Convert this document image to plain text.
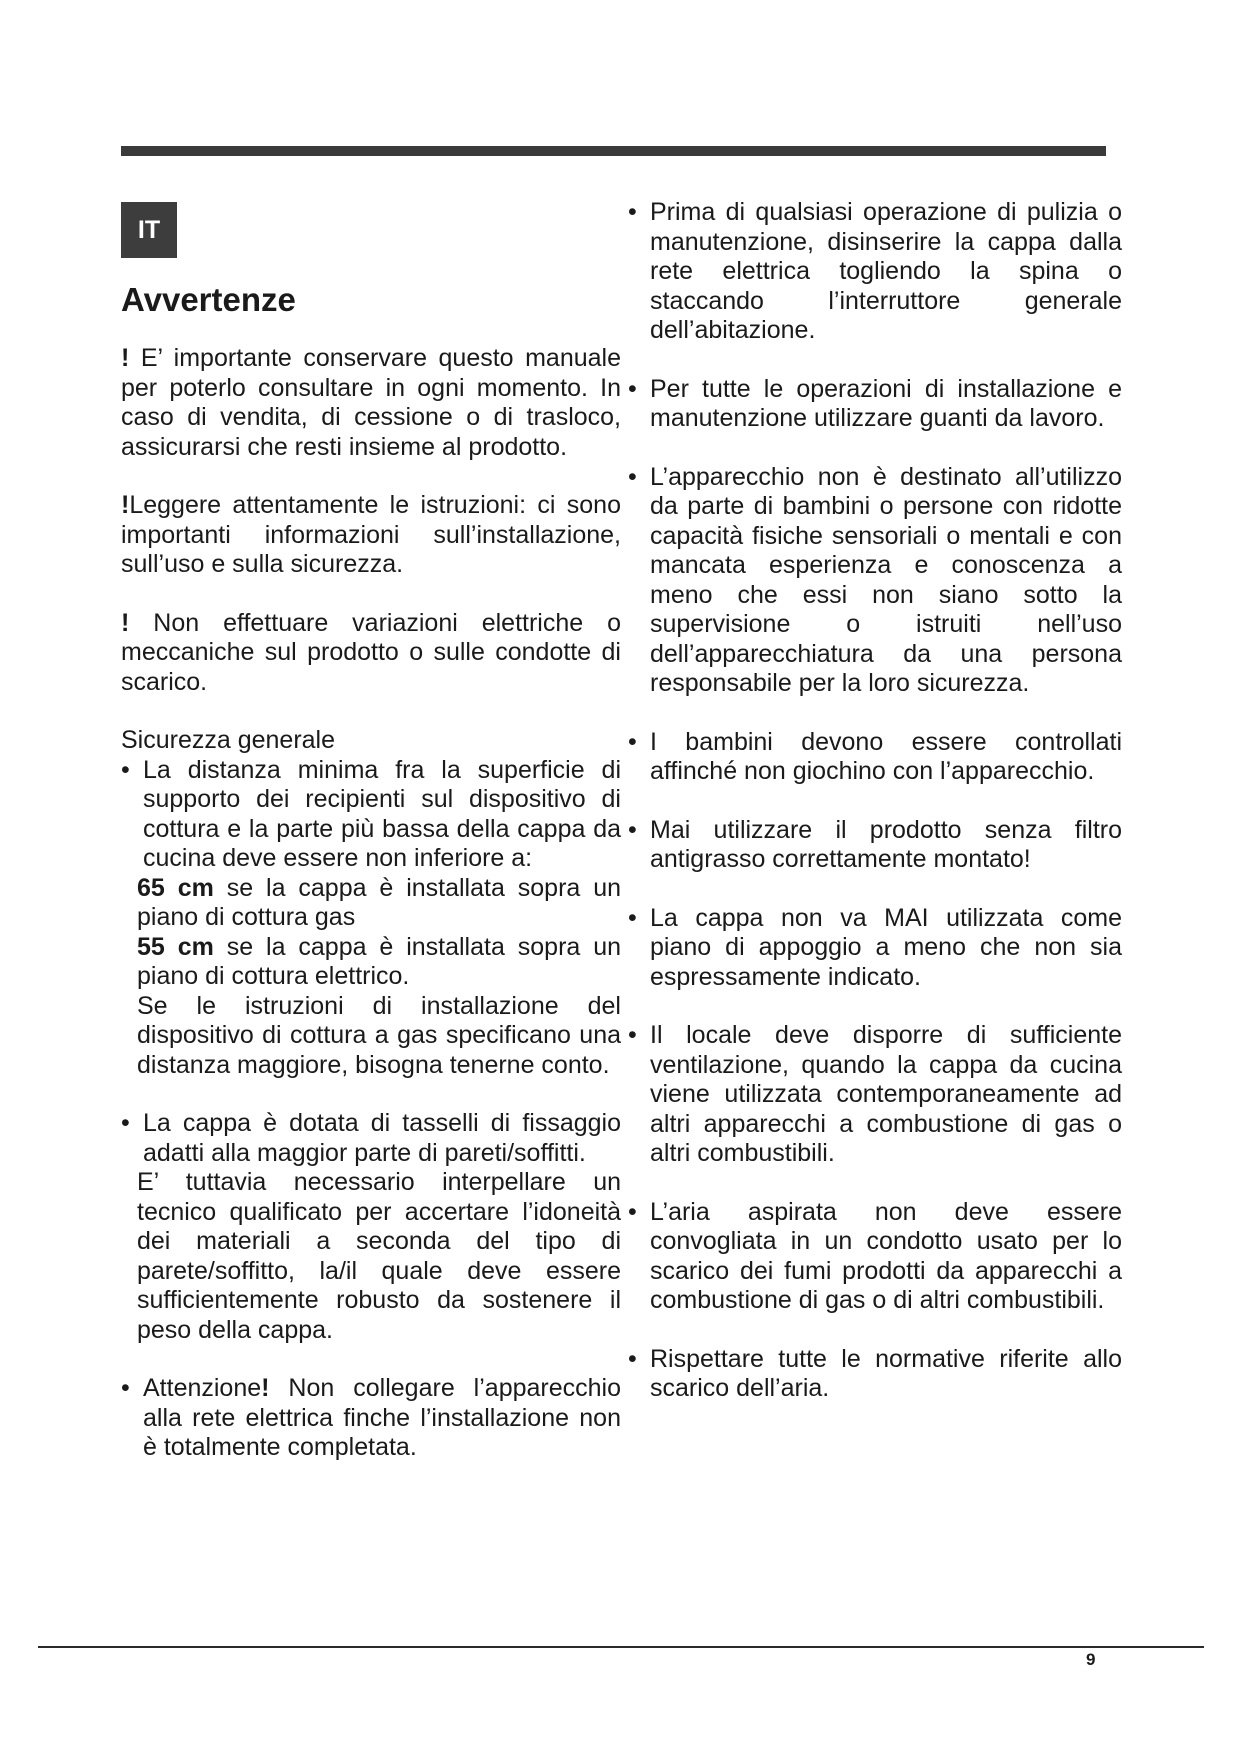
IT
Avvertenze

! E’ importante conservare questo manuale per poterlo consultare in ogni momento. In caso di vendita, di cessione o di trasloco, assicurarsi che resti insieme al prodotto.

!Leggere attentamente le istruzioni: ci sono importanti informazioni sull’installazione, sull’uso e sulla sicurezza.

! Non effettuare variazioni elettriche o meccaniche sul prodotto o sulle condotte di scarico.

Sicurezza generale

• La distanza minima fra la superficie di supporto dei recipienti sul dispositivo di cottura e la parte più bassa della cappa da cucina deve essere non inferiore a:
65 cm se la cappa è installata sopra un piano di cottura gas
55 cm se la cappa è installata sopra un piano di cottura elettrico.
Se le istruzioni di installazione del dispositivo di cottura a gas specificano una distanza maggiore, bisogna tenerne conto.
• La cappa è dotata di tasselli di fissaggio adatti alla maggior parte di pareti/soffitti.
E’ tuttavia necessario interpellare un tecnico qualificato per accertare l’idoneità dei materiali a seconda del tipo di parete/soffitto, la/il quale deve essere sufficientemente robusto da sostenere il peso della cappa.
• Attenzione! Non collegare l’apparecchio alla rete elettrica finche l’installazione non è totalmente completata.
• Prima di qualsiasi operazione di pulizia o manutenzione, disinserire la cappa dalla rete elettrica togliendo la spina o staccando l’interruttore generale dell’abitazione.
• Per tutte le operazioni di installazione e manutenzione utilizzare guanti da lavoro.
• L’apparecchio non è destinato all’utilizzo da parte di bambini o persone con ridotte capacità fisiche sensoriali o mentali e con mancata esperienza e conoscenza a meno che essi non siano sotto la supervisione o istruiti nell’uso dell’apparecchiatura da una persona responsabile per la loro sicurezza.
• I bambini devono essere controllati affinché non giochino con l’apparecchio.
• Mai utilizzare il prodotto senza filtro antigrasso correttamente montato!
• La cappa non va MAI utilizzata come piano di appoggio a meno che non sia espressamente indicato.
• Il locale deve disporre di sufficiente ventilazione, quando la cappa da cucina viene utilizzata contemporaneamente ad altri apparecchi a combustione di gas o altri combustibili.
• L’aria aspirata non deve essere convogliata in un condotto usato per lo scarico dei fumi prodotti da apparecchi a combustione di gas o di altri combustibili.
• Rispettare tutte le normative riferite allo scarico dell’aria.
9
